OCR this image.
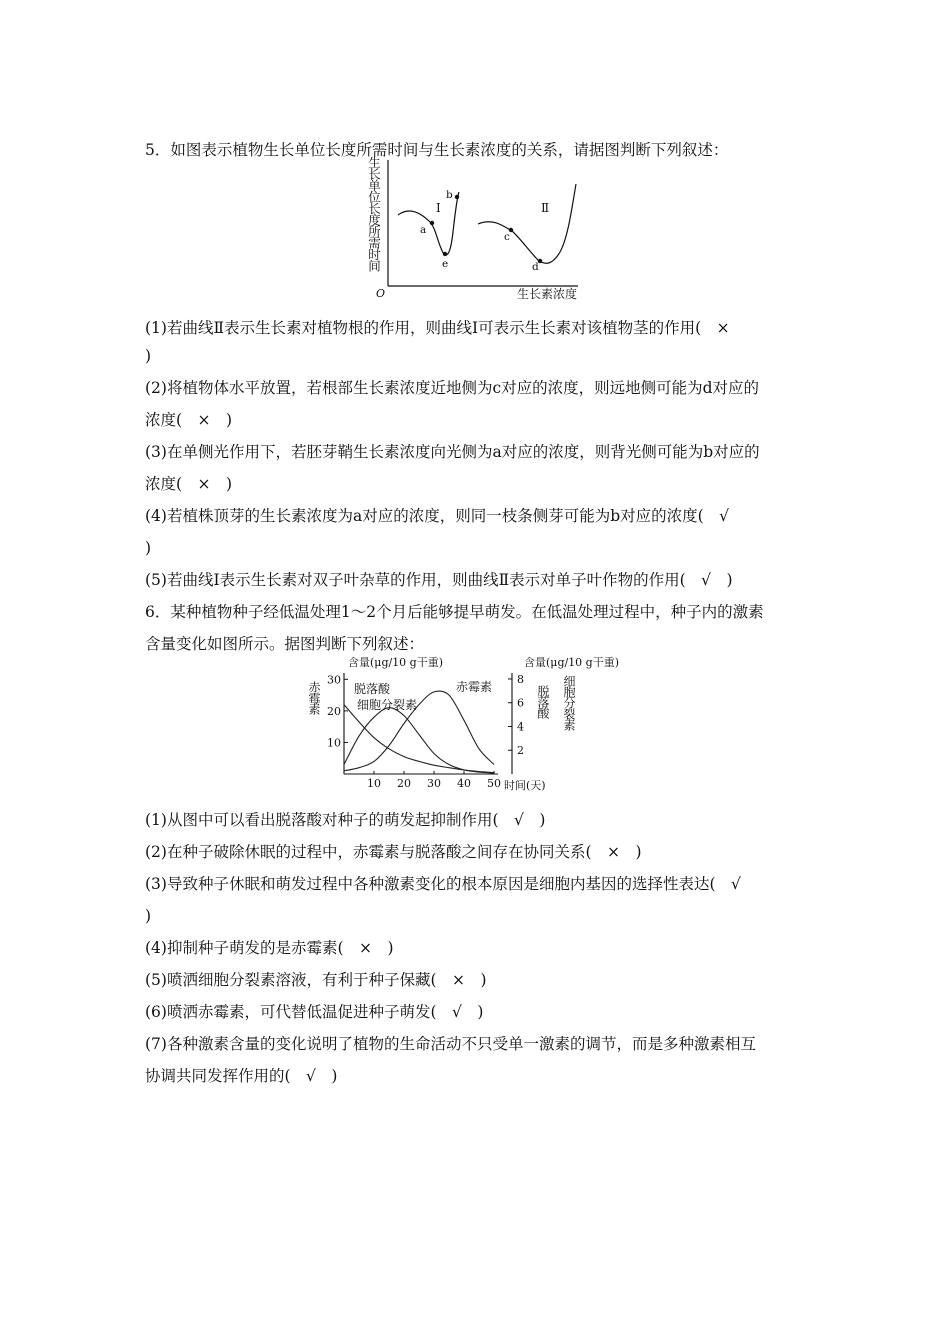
5．如图表示植物生长单位长度所需时间与生长素浓度的关系，请据图判断下列叙述：
生长单位长度所需时间
O	生长素浓度
a
e
b
c
d
Ⅰ	Ⅱ
(1)若曲线Ⅱ表示生长素对植物根的作用，则曲线Ⅰ可表示生长素对该植物茎的作用(　×
)
(2)将植物体水平放置，若根部生长素浓度近地侧为c对应的浓度，则远地侧可能为d对应的
浓度(　×　)
(3)在单侧光作用下，若胚芽鞘生长素浓度向光侧为a对应的浓度，则背光侧可能为b对应的
浓度(　×　)
(4)若植株顶芽的生长素浓度为a对应的浓度，则同一枝条侧芽可能为b对应的浓度(　√
)
(5)若曲线Ⅰ表示生长素对双子叶杂草的作用，则曲线Ⅱ表示对单子叶作物的作用(　√　)
6．某种植物种子经低温处理1～2个月后能够提早萌发。在低温处理过程中，种子内的激素
含量变化如图所示。据图判断下列叙述：
10
20
30
2
4
6
8
10 20 30 40 50
含量(μg/10 g干重)	含量(μg/10 g干重)
时间(天)
赤霉素	脱落酸 细胞分裂素
脱落酸
细胞分裂素
赤霉素
(1)从图中可以看出脱落酸对种子的萌发起抑制作用(　√　)
(2)在种子破除休眠的过程中，赤霉素与脱落酸之间存在协同关系(　×　)
(3)导致种子休眠和萌发过程中各种激素变化的根本原因是细胞内基因的选择性表达(　√
)
(4)抑制种子萌发的是赤霉素(　×　)
(5)喷洒细胞分裂素溶液，有利于种子保藏(　×　)
(6)喷洒赤霉素，可代替低温促进种子萌发(　√　)
(7)各种激素含量的变化说明了植物的生命活动不只受单一激素的调节，而是多种激素相互
协调共同发挥作用的(　√　)
